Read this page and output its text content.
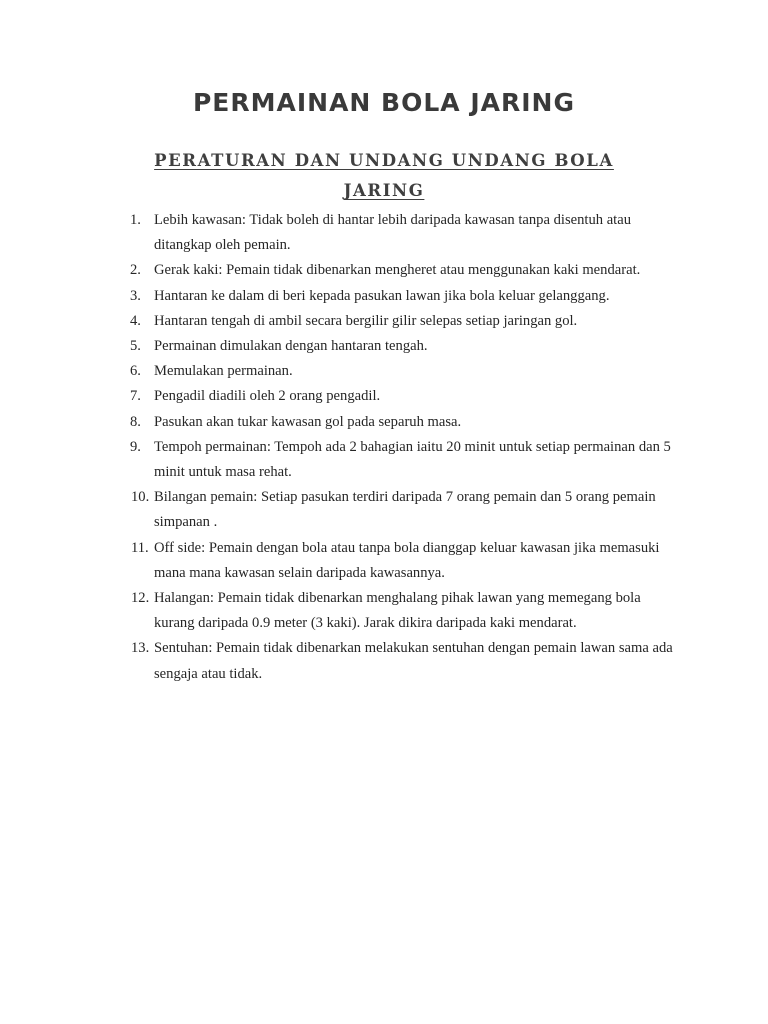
PERMAINAN BOLA JARING
PERATURAN DAN UNDANG UNDANG BOLA JARING
1. Lebih kawasan: Tidak boleh di hantar lebih daripada kawasan tanpa disentuh atau ditangkap oleh pemain.
2. Gerak kaki: Pemain tidak dibenarkan mengheret atau menggunakan kaki mendarat.
3. Hantaran ke dalam di beri kepada pasukan lawan jika bola keluar gelanggang.
4. Hantaran tengah di ambil secara bergilir gilir selepas setiap jaringan gol.
5. Permainan dimulakan dengan hantaran tengah.
6. Memulakan permainan.
7. Pengadil diadili oleh 2 orang pengadil.
8. Pasukan akan tukar kawasan gol pada separuh masa.
9. Tempoh permainan: Tempoh ada 2 bahagian iaitu 20 minit untuk setiap permainan dan 5 minit untuk masa rehat.
10. Bilangan pemain: Setiap pasukan terdiri daripada 7 orang pemain dan 5 orang pemain simpanan .
11. Off side: Pemain dengan bola atau tanpa bola dianggap keluar kawasan jika memasuki mana mana kawasan selain daripada kawasannya.
12. Halangan: Pemain tidak dibenarkan menghalang pihak lawan yang memegang bola kurang daripada 0.9 meter (3 kaki). Jarak dikira daripada kaki mendarat.
13. Sentuhan: Pemain tidak dibenarkan melakukan sentuhan dengan pemain lawan sama ada sengaja atau tidak.
